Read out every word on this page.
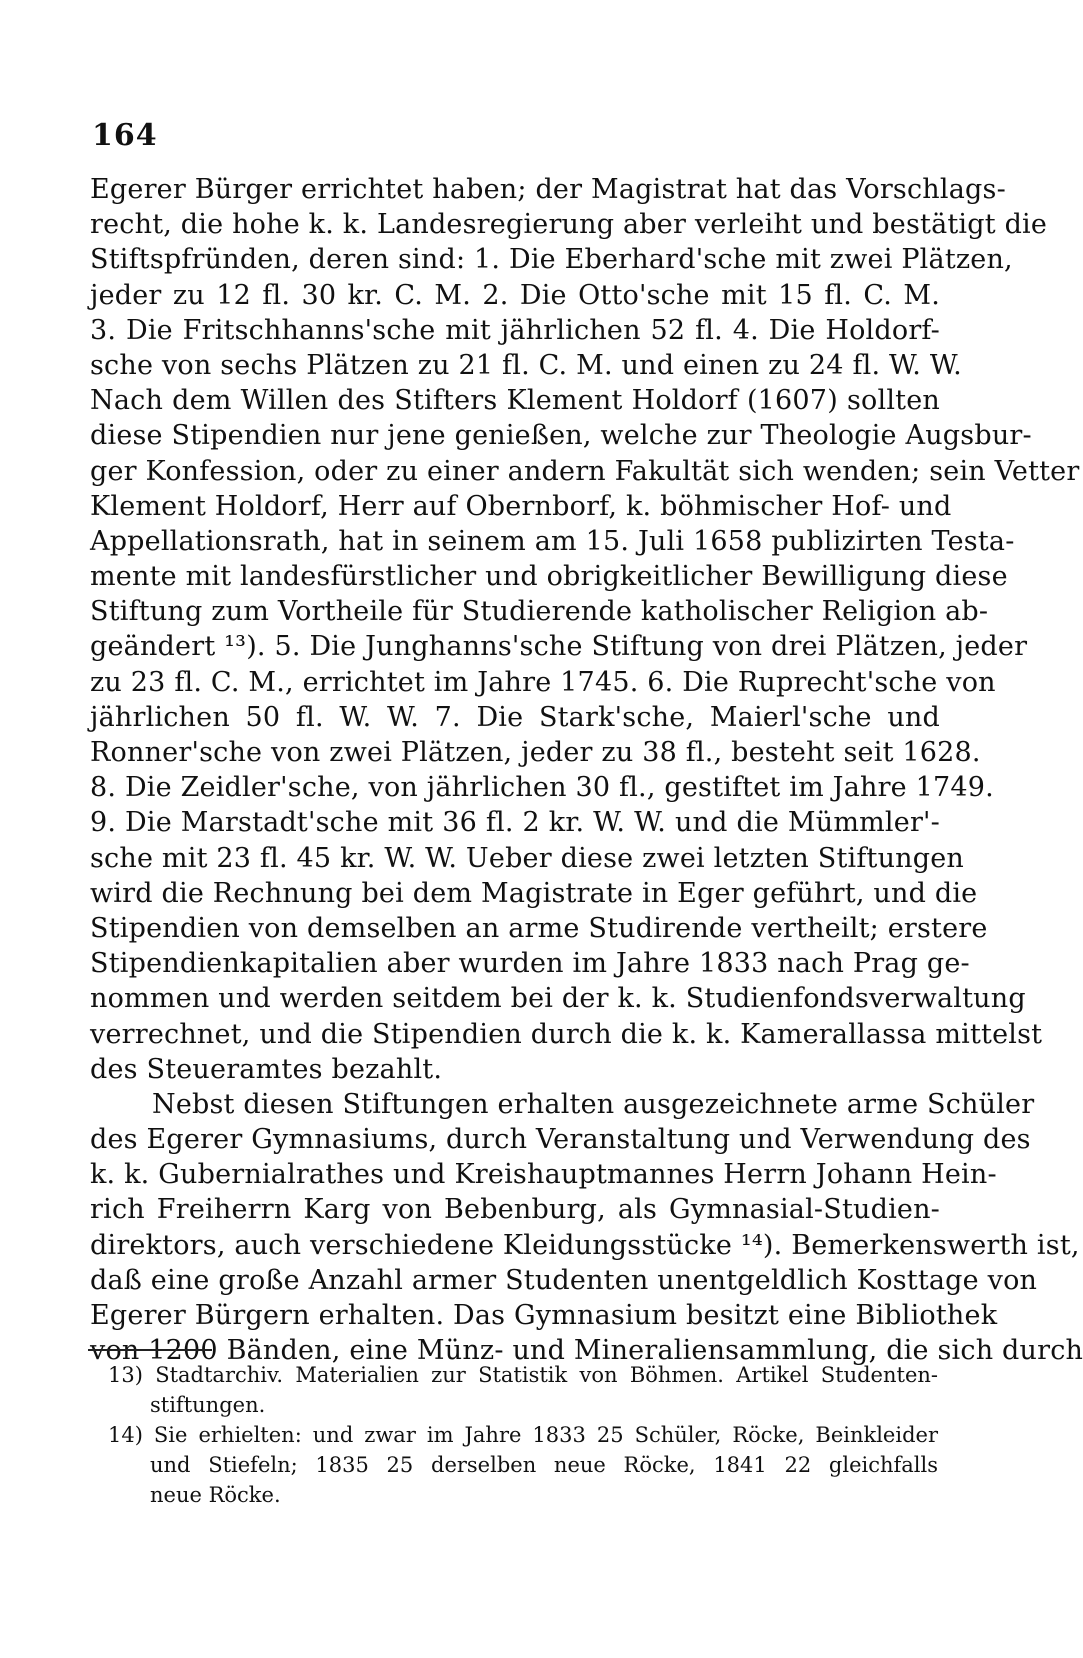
164
Egerer Bürger errichtet haben; der Magistrat hat das Vorschlags-
recht, die hohe k. k. Landesregierung aber verleiht und bestätigt die
Stiftspfründen, deren sind: 1. Die Eberhard'sche mit zwei Plätzen,
jeder zu 12 fl. 30 kr. C. M. 2. Die Otto'sche mit 15 fl. C. M.
3. Die Fritschhanns'sche mit jährlichen 52 fl. 4. Die Holdorf-
sche von sechs Plätzen zu 21 fl. C. M. und einen zu 24 fl. W. W.
Nach dem Willen des Stifters Klement Holdorf (1607) sollten
diese Stipendien nur jene genießen, welche zur Theologie Augsbur-
ger Konfession, oder zu einer andern Fakultät sich wenden; sein Vetter
Klement Holdorf, Herr auf Obernborf, k. böhmischer Hof- und
Appellationsrath, hat in seinem am 15. Juli 1658 publizirten Testa-
mente mit landesfürstlicher und obrigkeitlicher Bewilligung diese
Stiftung zum Vortheile für Studierende katholischer Religion ab-
geändert ¹³). 5. Die Junghanns'sche Stiftung von drei Plätzen, jeder
zu 23 fl. C. M., errichtet im Jahre 1745. 6. Die Ruprecht'sche von
jährlichen 50 fl. W. W. 7. Die Stark'sche, Maierl'sche und
Ronner'sche von zwei Plätzen, jeder zu 38 fl., besteht seit 1628.
8. Die Zeidler'sche, von jährlichen 30 fl., gestiftet im Jahre 1749.
9. Die Marstadt'sche mit 36 fl. 2 kr. W. W. und die Mümmler'-
sche mit 23 fl. 45 kr. W. W. Ueber diese zwei letzten Stiftungen
wird die Rechnung bei dem Magistrate in Eger geführt, und die
Stipendien von demselben an arme Studirende vertheilt; erstere
Stipendienkapitalien aber wurden im Jahre 1833 nach Prag ge-
nommen und werden seitdem bei der k. k. Studienfondsverwaltung
verrechnet, und die Stipendien durch die k. k. Kamerallassa mittelst
des Steueramtes bezahlt.
Nebst diesen Stiftungen erhalten ausgezeichnete arme Schüler
des Egerer Gymnasiums, durch Veranstaltung und Verwendung des
k. k. Gubernialrathes und Kreishauptmannes Herrn Johann Hein-
rich Freiherrn Karg von Bebenburg, als Gymnasial-Studien-
direktors, auch verschiedene Kleidungsstücke ¹⁴). Bemerkenswerth ist,
daß eine große Anzahl armer Studenten unentgeldlich Kosttage von
Egerer Bürgern erhalten. Das Gymnasium besitzt eine Bibliothek
von 1200 Bänden, eine Münz- und Mineraliensammlung, die sich durch
13) Stadtarchiv. Materialien zur Statistik von Böhmen. Artikel Studenten-
stiftungen.
14) Sie erhielten: und zwar im Jahre 1833 25 Schüler, Röcke, Beinkleider
und Stiefeln; 1835 25 derselben neue Röcke, 1841 22 gleichfalls
neue Röcke.
